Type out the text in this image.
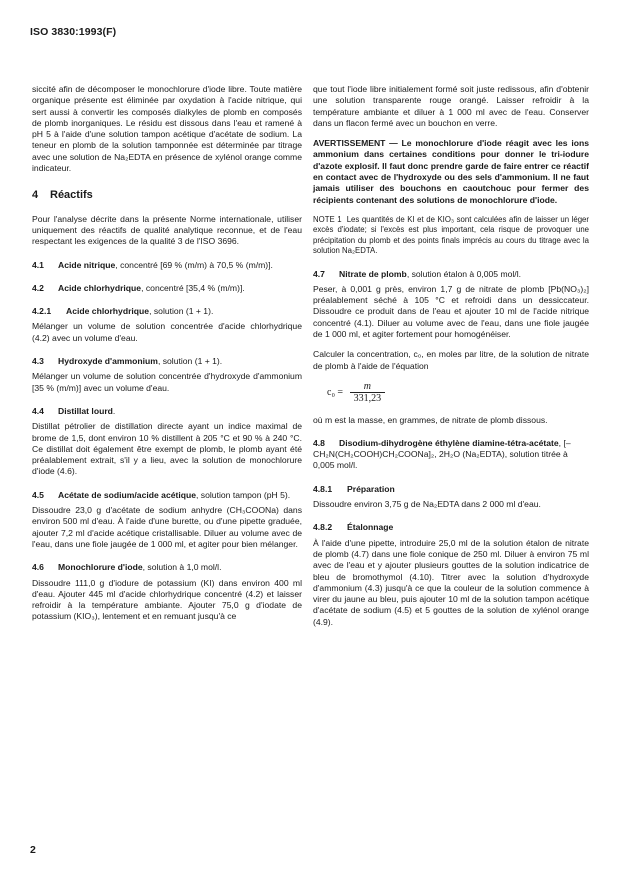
ISO 3830:1993(F)

siccité afin de décomposer le monochlorure d'iode libre. Toute matière organique présente est éliminée par oxydation à l'acide nitrique, qui sert aussi à convertir les composés dialkyles de plomb en composés de plomb inorganiques. Le résidu est dissous dans l'eau et ramené à pH 5 à l'aide d'une solution tampon acétique d'acétate de sodium. La teneur en plomb de la solution tamponnée est déterminée par titrage avec une solution de Na₂EDTA en présence de xylénol orange comme indicateur.

4 Réactifs

Pour l'analyse décrite dans la présente Norme internationale, utiliser uniquement des réactifs de qualité analytique reconnue, et de l'eau respectant les exigences de la qualité 3 de l'ISO 3696.

4.1 Acide nitrique, concentré [69 % (m/m) à 70,5 % (m/m)].
4.2 Acide chlorhydrique, concentré [35,4 % (m/m)].
4.2.1 Acide chlorhydrique, solution (1 + 1).

Mélanger un volume de solution concentrée d'acide chlorhydrique (4.2) avec un volume d'eau.

4.3 Hydroxyde d'ammonium, solution (1 + 1).

Mélanger un volume de solution concentrée d'hydroxyde d'ammonium [35 % (m/m)] avec un volume d'eau.

4.4 Distillat lourd.

Distillat pétrolier de distillation directe ayant un indice maximal de brome de 1,5, dont environ 10 % distillent à 205 °C et 90 % à 240 °C. Ce distillat doit également être exempt de plomb, le plomb ayant été préalablement extrait, s'il y a lieu, avec la solution de monochlorure d'iode (4.6).

4.5 Acétate de sodium/acide acétique, solution tampon (pH 5).

Dissoudre 23,0 g d'acétate de sodium anhydre (CH₃COONa) dans environ 500 ml d'eau. À l'aide d'une burette, ou d'une pipette graduée, ajouter 7,2 ml d'acide acétique cristallisable. Diluer au volume avec de l'eau, dans une fiole jaugée de 1 000 ml, et agiter pour bien mélanger.

4.6 Monochlorure d'iode, solution à 1,0 mol/l.

Dissoudre 111,0 g d'iodure de potassium (KI) dans environ 400 ml d'eau. Ajouter 445 ml d'acide chlorhydrique concentré (4.2) et laisser refroidir à la température ambiante. Ajouter 75,0 g d'iodate de potassium (KIO₃), lentement et en remuant jusqu'à ce

que tout l'iode libre initialement formé soit juste redissous, afin d'obtenir une solution transparente rouge orangé. Laisser refroidir à la température ambiante et diluer à 1 000 ml avec de l'eau. Conserver dans un flacon fermé avec un bouchon en verre.

AVERTISSEMENT — Le monochlorure d'iode réagit avec les ions ammonium dans certaines conditions pour donner le tri-iodure d'azote explosif. Il faut donc prendre garde de faire entrer ce réactif en contact avec de l'hydroxyde ou des sels d'ammonium. Il ne faut jamais utiliser des bouchons en caoutchouc pour fermer des récipients contenant des solutions de monochlorure d'iode.

NOTE 1 Les quantités de KI et de KIO₃ sont calculées afin de laisser un léger excès d'iodate; si l'excès est plus important, cela risque de provoquer une précipitation du plomb et des points finals imprécis au cours du titrage avec la solution Na₂EDTA.

4.7 Nitrate de plomb, solution étalon à 0,005 mol/l.

Peser, à 0,001 g près, environ 1,7 g de nitrate de plomb [Pb(NO₃)₂] préalablement séché à 105 °C et refroidi dans un dessiccateur. Dissoudre ce produit dans de l'eau et ajouter 10 ml de l'acide nitrique concentré (4.1). Diluer au volume avec de l'eau, dans une fiole jaugée de 1 000 ml, et agiter fortement pour homogénéiser.

Calculer la concentration, c₀, en moles par litre, de la solution de nitrate de plomb à l'aide de l'équation

$c_0 = \frac{m}{331,23}$

où m est la masse, en grammes, de nitrate de plomb dissous.

4.8 Disodium-dihydrogène éthylène diamine-tétra-acétate, [–CH₂N(CH₂COOH)CH₂COONa]₂, 2H₂O (Na₂EDTA), solution titrée à 0,005 mol/l.
4.8.1 Préparation

Dissoudre environ 3,75 g de Na₂EDTA dans 2 000 ml d'eau.

4.8.2 Étalonnage

À l'aide d'une pipette, introduire 25,0 ml de la solution étalon de nitrate de plomb (4.7) dans une fiole conique de 250 ml. Diluer à environ 75 ml avec de l'eau et y ajouter plusieurs gouttes de la solution indicatrice de bleu de bromothymol (4.10). Titrer avec la solution d'hydroxyde d'ammonium (4.3) jusqu'à ce que la couleur de la solution commence à virer du jaune au bleu, puis ajouter 10 ml de la solution tampon acétique d'acétate de sodium (4.5) et 5 gouttes de la solution de xylénol orange (4.9).

2
